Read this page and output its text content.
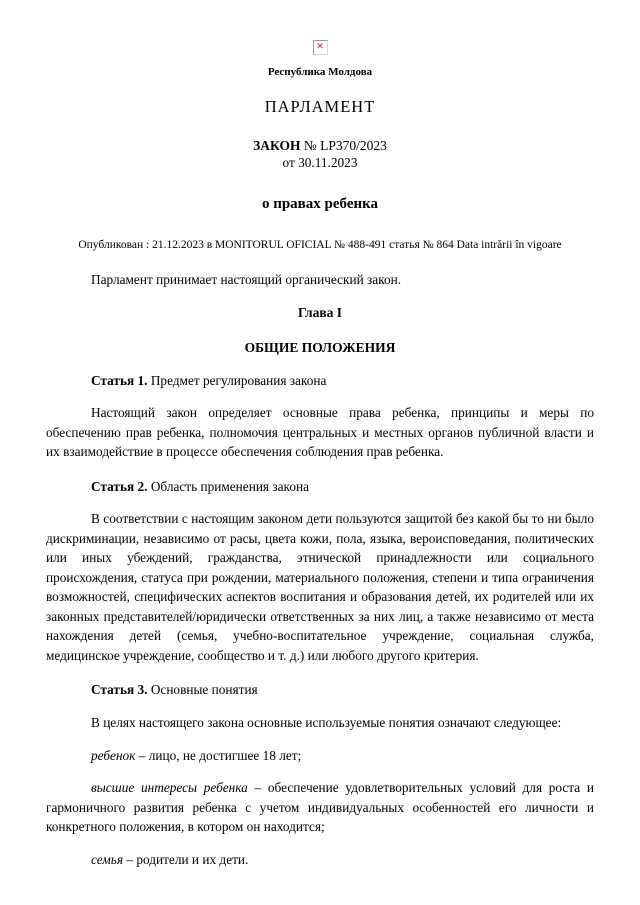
✕
Республика Молдова
ПАРЛАМЕНТ
ЗАКОН № LP370/2023
от 30.11.2023
о правах ребенка
Опубликован : 21.12.2023 в MONITORUL OFICIAL № 488-491 статья № 864 Data intrării în vigoare

Парламент принимает настоящий органический закон.

Глава I
ОБЩИЕ ПОЛОЖЕНИЯ
Статья 1. Предмет регулирования закона

Настоящий закон определяет основные права ребенка, принципы и меры по обеспечению прав ребенка, полномочия центральных и местных органов публичной власти и их взаимодействие в процессе обеспечения соблюдения прав ребенка.

Статья 2. Область применения закона

В соответствии с настоящим законом дети пользуются защитой без какой бы то ни было дискриминации, независимо от расы, цвета кожи, пола, языка, вероисповедания, политических или иных убеждений, гражданства, этнической принадлежности или социального происхождения, статуса при рождении, материального положения, степени и типа ограничения возможностей, специфических аспектов воспитания и образования детей, их родителей или их законных представителей/юридически ответственных за них лиц, а также независимо от места нахождения детей (семья, учебно-воспитательное учреждение, социальная служба, медицинское учреждение, сообщество и т. д.) или любого другого критерия.

Статья 3. Основные понятия

В целях настоящего закона основные используемые понятия означают следующее:

ребенок – лицо, не достигшее 18 лет;

высшие интересы ребенка – обеспечение удовлетворительных условий для роста и гармоничного развития ребенка с учетом индивидуальных особенностей его личности и конкретного положения, в котором он находится;

семья – родители и их дети.
